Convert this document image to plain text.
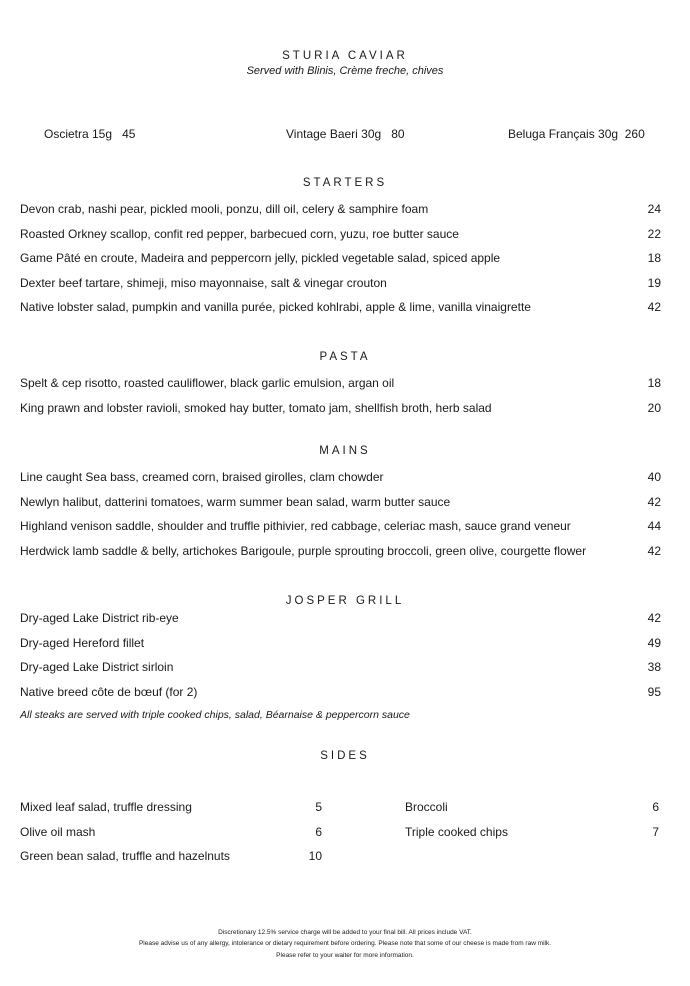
STURIA CAVIAR
Served with Blinis, Crème freche, chives
Oscietra 15g 45	Vintage Baeri 30g 80	Beluga Français 30g 260
STARTERS
PASTA
MAINS
JOSPER GRILL
All steaks are served with triple cooked chips, salad, Béarnaise & peppercorn sauce
SIDES
Discretionary 12.5% service charge will be added to your final bill. All prices include VAT.
Please advise us of any allergy, intolerance or dietary requirement before ordering. Please note that some of our cheese is made from raw milk.
Please refer to your waiter for more information.
Devon crab, nashi pear, pickled mooli, ponzu, dill oil, celery & samphire foam	24
Roasted Orkney scallop, confit red pepper, barbecued corn, yuzu, roe butter sauce	22
Game Pâté en croute, Madeira and peppercorn jelly, pickled vegetable salad, spiced apple	18
Dexter beef tartare, shimeji, miso mayonnaise, salt & vinegar crouton	19
Native lobster salad, pumpkin and vanilla purée, picked kohlrabi, apple & lime, vanilla vinaigrette	42
Spelt & cep risotto, roasted cauliflower, black garlic emulsion, argan oil	18
King prawn and lobster ravioli, smoked hay butter, tomato jam, shellfish broth, herb salad	20
Line caught Sea bass, creamed corn, braised girolles, clam chowder	40
Newlyn halibut, datterini tomatoes, warm summer bean salad, warm butter sauce	42
Highland venison saddle, shoulder and truffle pithivier, red cabbage, celeriac mash, sauce grand veneur	44
Herdwick lamb saddle & belly, artichokes Barigoule, purple sprouting broccoli, green olive, courgette flower	42
Dry-aged Lake District rib-eye	42
Dry-aged Hereford fillet	49
Dry-aged Lake District sirloin	38
Native breed côte de bœuf (for 2)	95
Mixed leaf salad, truffle dressing	5
Olive oil mash	6
Green bean salad, truffle and hazelnuts	10
Broccoli	6
Triple cooked chips	7
